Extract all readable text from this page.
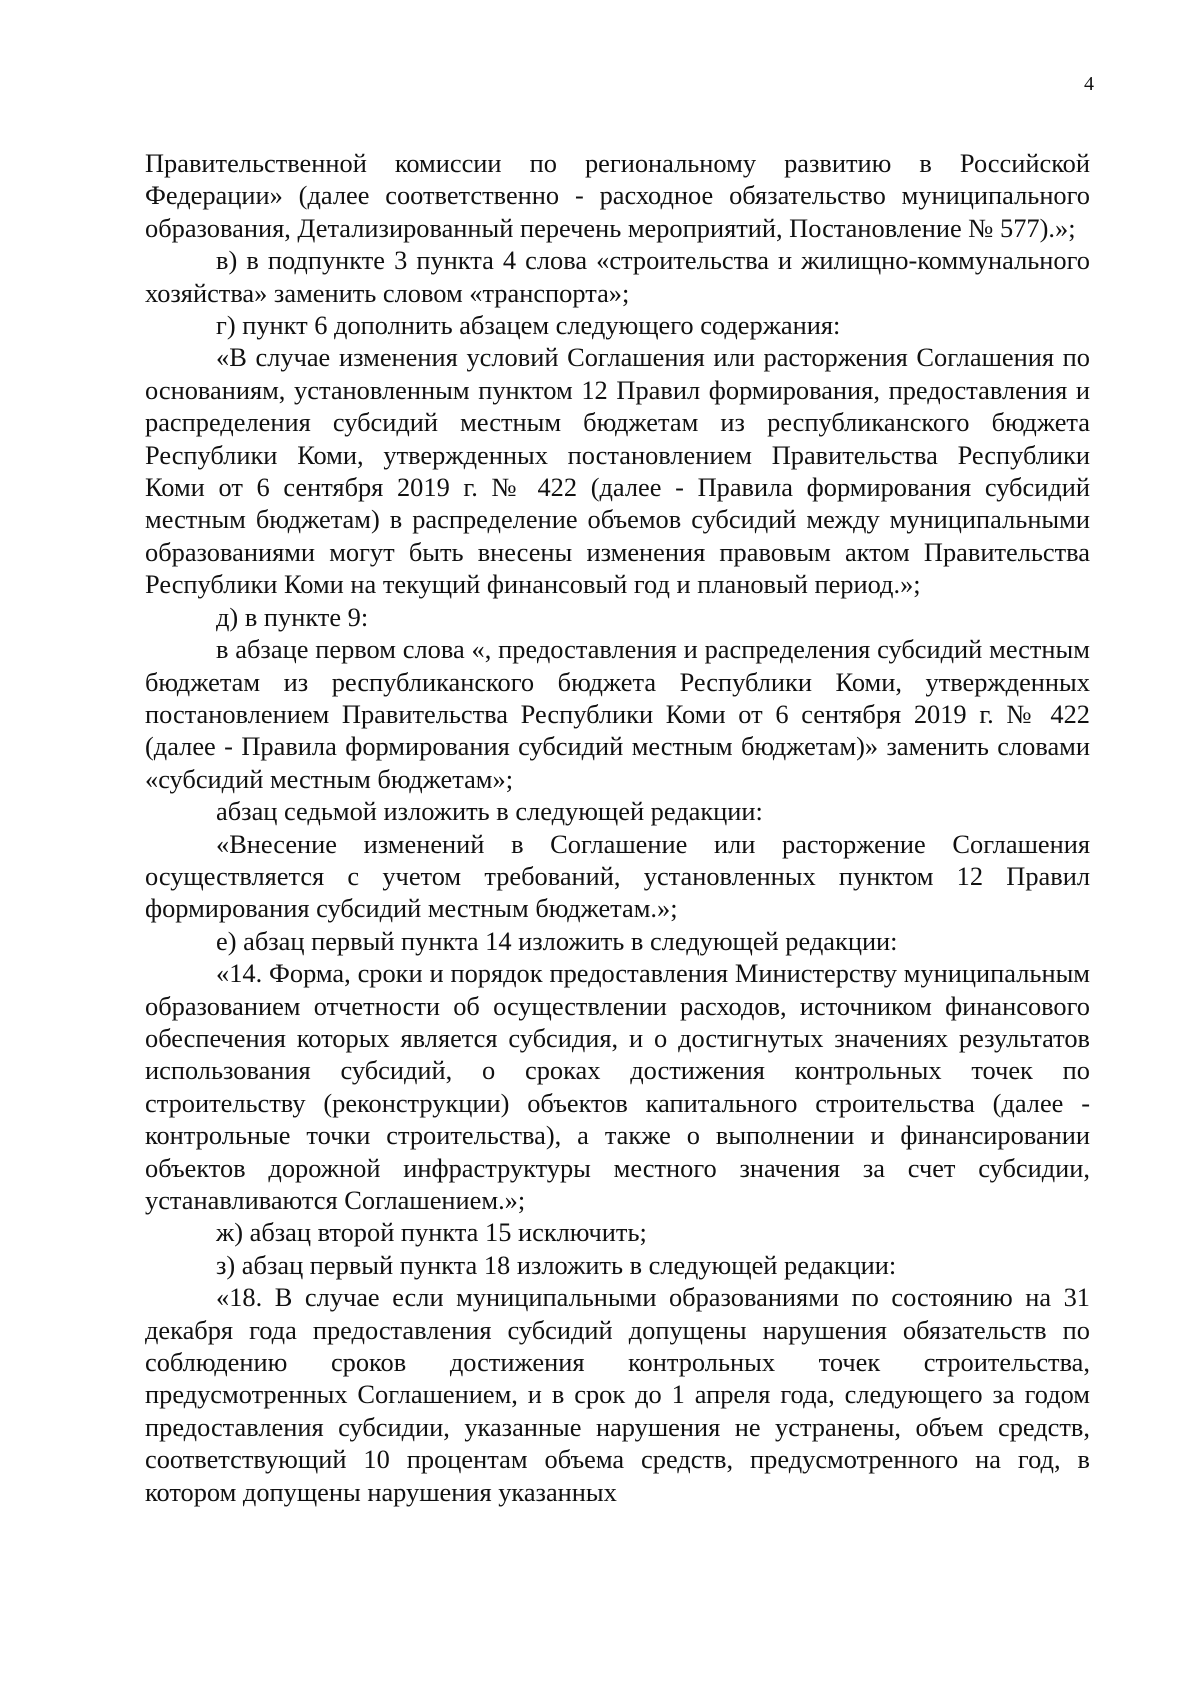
4

Правительственной комиссии по региональному развитию в Российской Федерации» (далее соответственно - расходное обязательство муниципального образования, Детализированный перечень мероприятий, Постановление № 577).»;

в) в подпункте 3 пункта 4 слова «строительства и жилищно-коммунального хозяйства» заменить словом «транспорта»;

г) пункт 6 дополнить абзацем следующего содержания:

«В случае изменения условий Соглашения или расторжения Соглашения по основаниям, установленным пунктом 12 Правил формирования, предоставления и распределения субсидий местным бюджетам из республиканского бюджета Республики Коми, утвержденных постановлением Правительства Республики Коми от 6 сентября 2019 г. № 422 (далее - Правила формирования субсидий местным бюджетам) в распределение объемов субсидий между муниципальными образованиями могут быть внесены изменения правовым актом Правительства Республики Коми на текущий финансовый год и плановый период.»;

д) в пункте 9:

в абзаце первом слова «, предоставления и распределения субсидий местным бюджетам из республиканского бюджета Республики Коми, утвержденных постановлением Правительства Республики Коми от 6 сентября 2019 г. № 422 (далее - Правила формирования субсидий местным бюджетам)» заменить словами «субсидий местным бюджетам»;

абзац седьмой изложить в следующей редакции:

«Внесение изменений в Соглашение или расторжение Соглашения осуществляется с учетом требований, установленных пунктом 12 Правил формирования субсидий местным бюджетам.»;

е) абзац первый пункта 14 изложить в следующей редакции:

«14. Форма, сроки и порядок предоставления Министерству муниципальным образованием отчетности об осуществлении расходов, источником финансового обеспечения которых является субсидия, и о достигнутых значениях результатов использования субсидий, о сроках достижения контрольных точек по строительству (реконструкции) объектов капитального строительства (далее - контрольные точки строительства), а также о выполнении и финансировании объектов дорожной инфраструктуры местного значения за счет субсидии, устанавливаются Соглашением.»;

ж) абзац второй пункта 15 исключить;

з) абзац первый пункта 18 изложить в следующей редакции:

«18. В случае если муниципальными образованиями по состоянию на 31 декабря года предоставления субсидий допущены нарушения обязательств по соблюдению сроков достижения контрольных точек строительства, предусмотренных Соглашением, и в срок до 1 апреля года, следующего за годом предоставления субсидии, указанные нарушения не устранены, объем средств, соответствующий 10 процентам объема средств, предусмотренного на год, в котором допущены нарушения указанных
